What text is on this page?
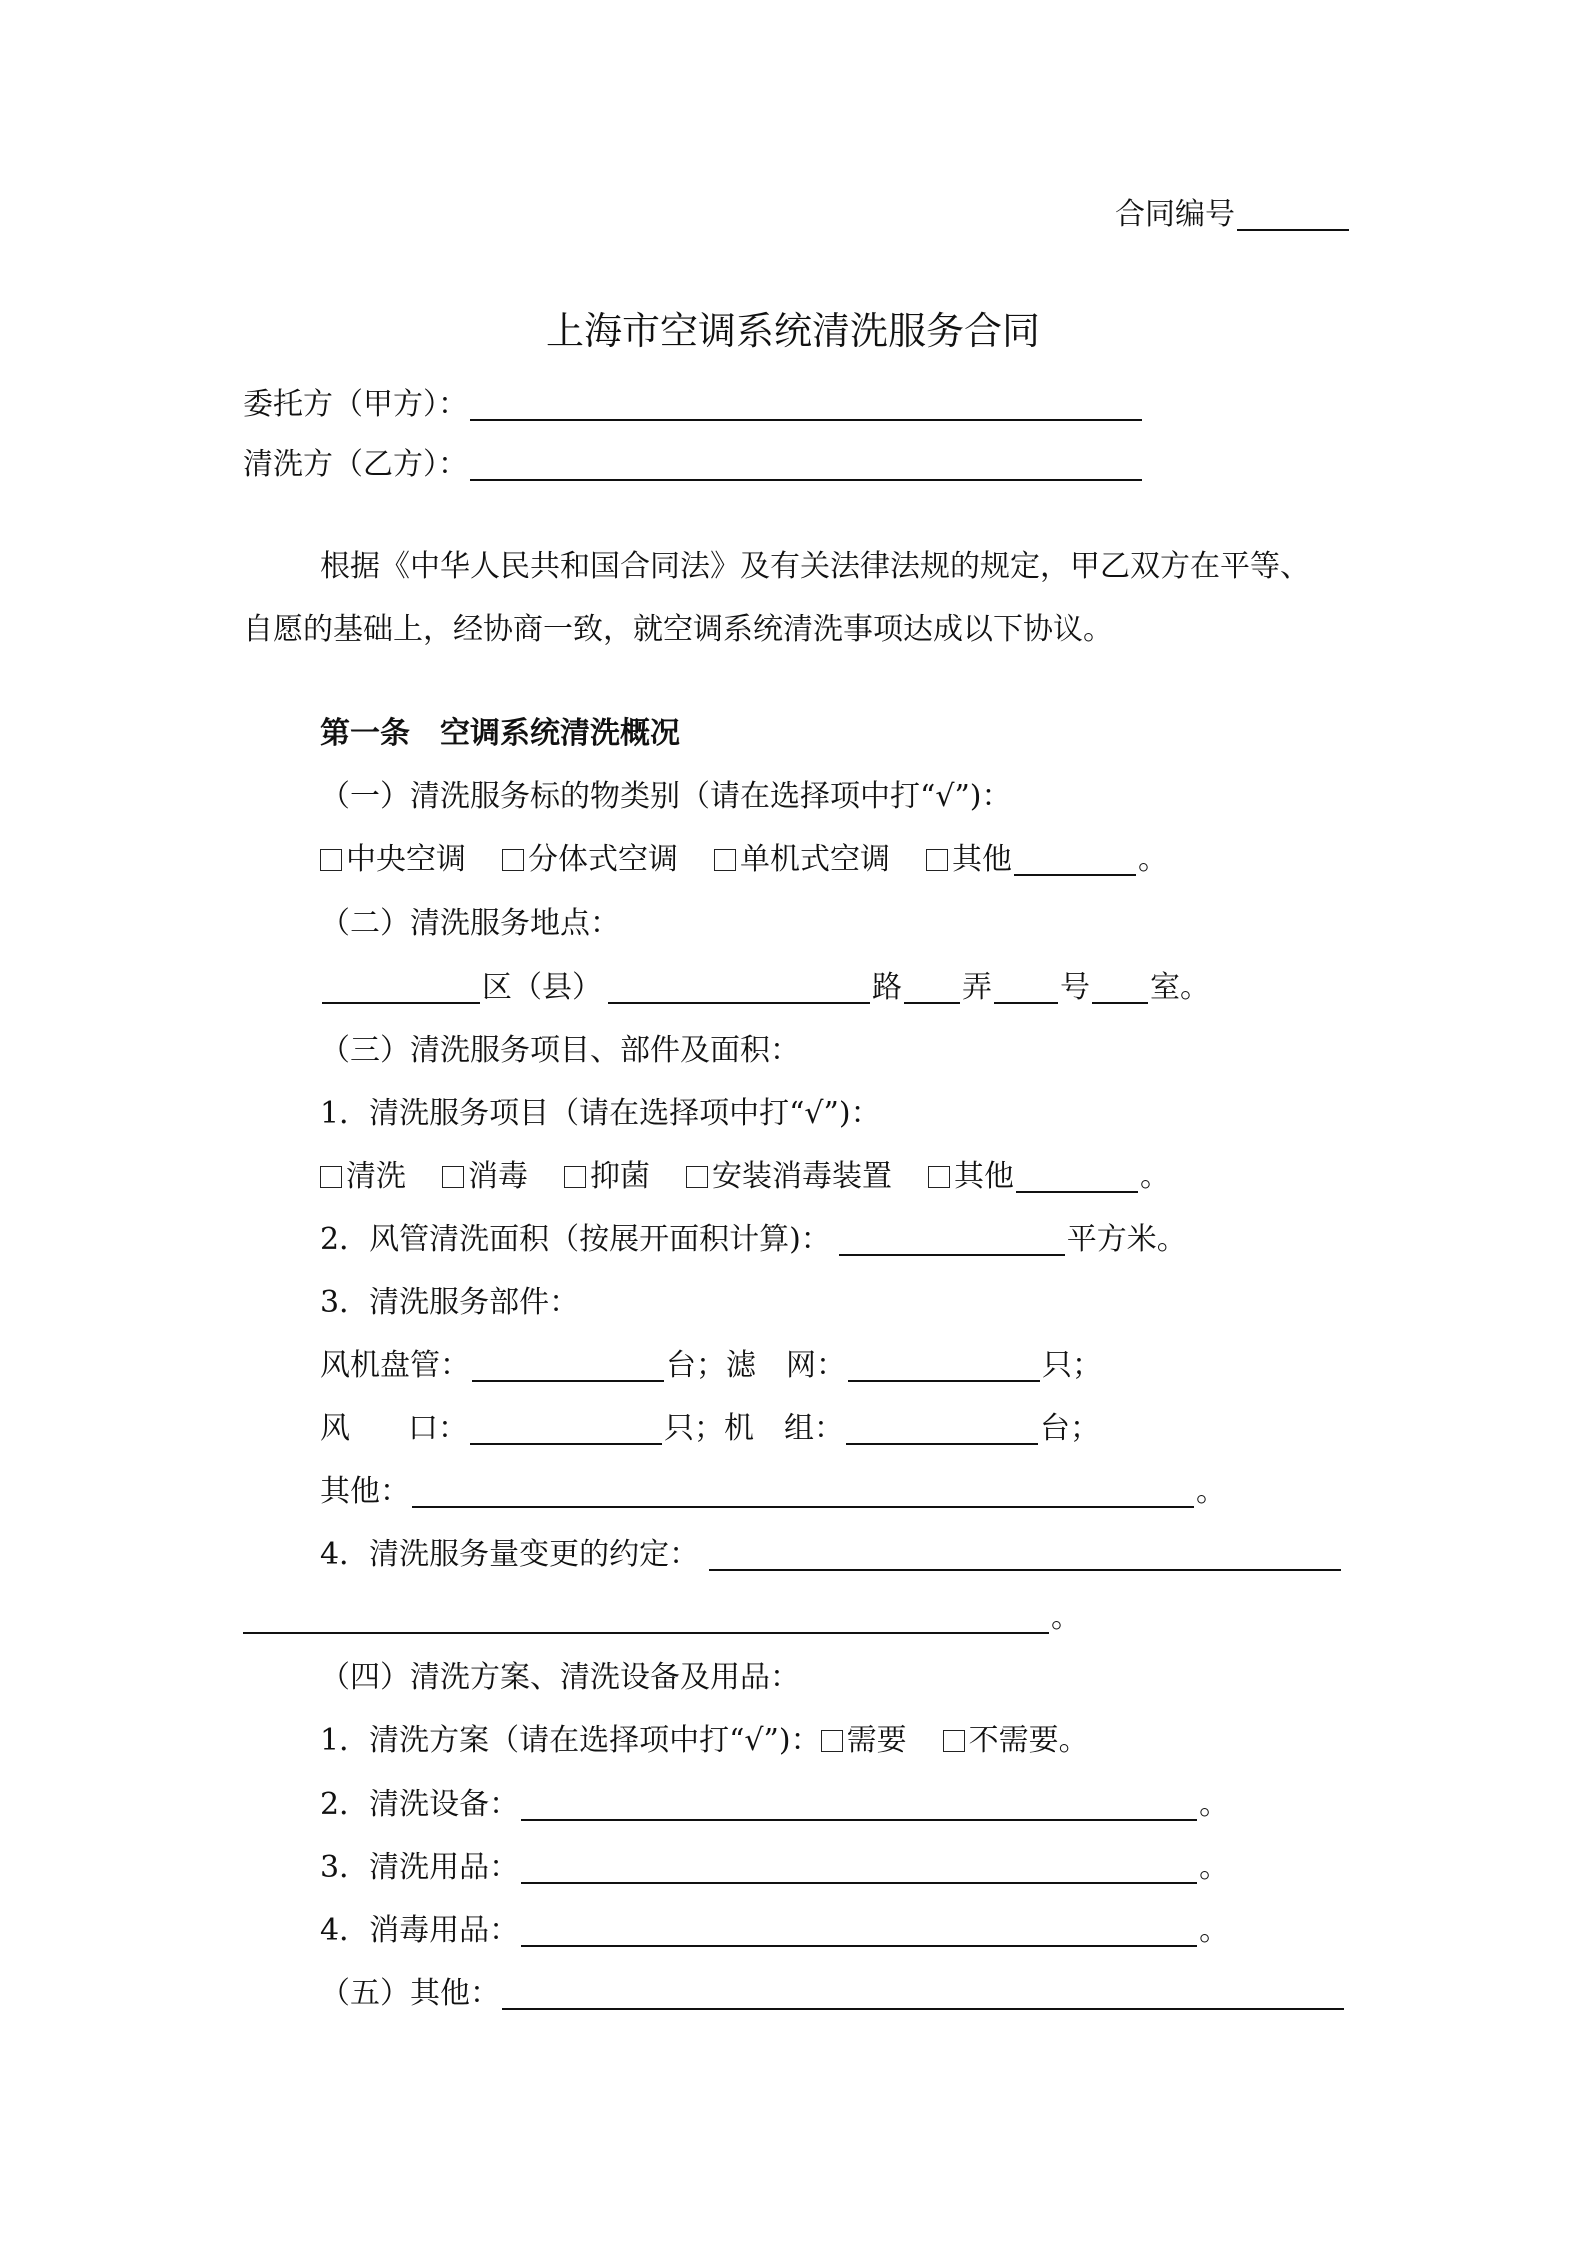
合同编号
上海市空调系统清洗服务合同
委托方（甲方）：
清洗方（乙方）：
根据《中华人民共和国合同法》及有关法律法规的规定，甲乙双方在平等、
自愿的基础上，经协商一致，就空调系统清洗事项达成以下协议。
第一条　空调系统清洗概况
（一）清洗服务标的物类别（请在选择项中打“√”)：
中央空调 分体式空调 单机式空调 其他	。
（二）清洗服务地点：
区（县）	路 弄 号 室。
（三）清洗服务项目、部件及面积：
1．清洗服务项目（请在选择项中打“√”)：
清洗 消毒 抑菌 安装消毒装置 其他	。
2．风管清洗面积（按展开面积计算)：	平方米。
3．清洗服务部件：
风机盘管：	台； 滤　网：	只；
风 口：	只； 机　组：	台；
其他：	。
4．清洗服务量变更的约定：
。
（四）清洗方案、清洗设备及用品：
1．清洗方案（请在选择项中打“√”)： 需要 不需要。
2．清洗设备：	。
3．清洗用品：	。
4．消毒用品：	。
（五）其他：
